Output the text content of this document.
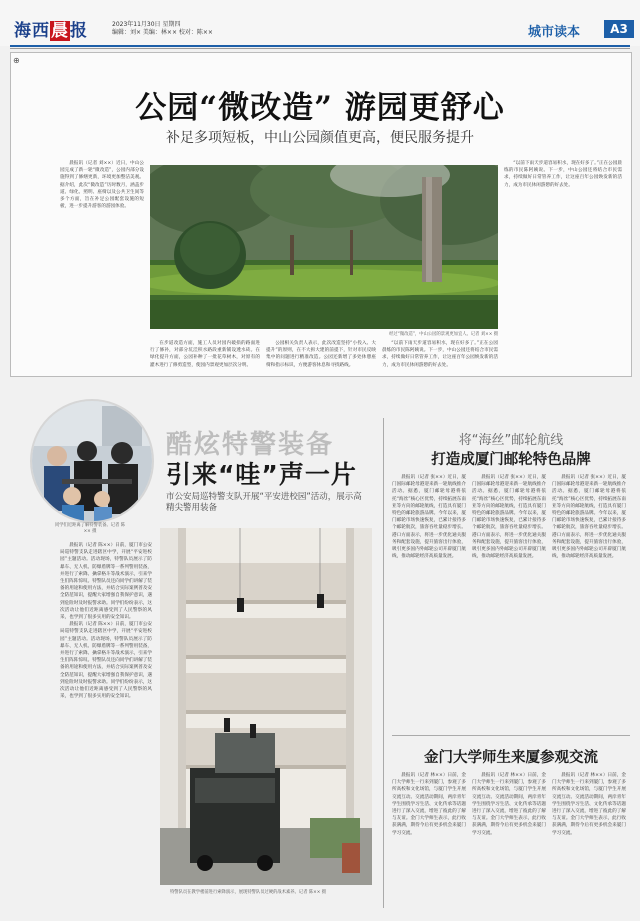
海西晨报	2023年11月30日 星期四
编辑：刘× 美编：林×× 校对：陈××	城市读本	A3
⊕
公园“微改造” 游园更舒心
补足多项短板，中山公园颜值更高，便民服务提升

晨报讯（记者 刘××）近日，中山公园完成了新一轮“微改造”，公园内部分设施得到了修缮更新，环境更加整洁美观。据介绍，此次“微改造”历时数月，涵盖步道、绿化、照明、座椅以及公共卫生间等多个方面，旨在补足公园配套设施的短板，进一步提升游客的游园体验。

经过“微改造”，中山公园的景观更加宜人。记者 刘×× 摄

在步道改造方面，施工人员对园内破损的路面进行了修补，对部分坑洼积水路段重新铺设透水砖。在绿化提升方面，公园补种了一批花草树木，对原有的灌木进行了修剪造型，使园内景观更加层次分明。

公园相关负责人表示，此次改造坚持“小投入、大提升”的原则，在不大拆大建的前提下，针对市民反映集中的问题进行精准改造。公园还新增了多处休憩座椅和指示标识，方便游客休息和寻找路线。

“以前下雨天步道容易积水，现在好多了。”正在公园晨练的市民陈阿姨说。下一步，中山公园还将结合市民需求，持续做好日常管养工作，让这座百年公园焕发新的活力，成为市民休闲游憩的好去处。

“以前下雨天步道容易积水，现在好多了。”正在公园晨练的市民陈阿姨说。下一步，中山公园还将结合市民需求，持续做好日常管养工作，让这座百年公园焕发新的活力，成为市民休闲游憩的好去处。

同学们近距离了解特警装备。记者 陈×× 摄
酷炫特警装备
引来“哇”声一片
市公安局巡特警支队开展“平安进校园”活动，展示高精尖警用装备

晨报讯（记者 陈××）日前，厦门市公安局巡特警支队走进辖区中学，开展“平安进校园”主题活动。活动现场，特警队员展示了防暴车、无人机、防爆盾牌等一系列警用装备，并进行了索降、擒拿格斗等战术演示，引来学生们阵阵惊叹。特警队员还向同学们讲解了装备的用途和使用方法，并结合实际案例普及安全防范知识，提醒大家增强自我保护意识，遇到危险时及时报警求助。同学们纷纷表示，这次活动让他们近距离感受到了人民警察的风采，也学到了很多实用的安全知识。

晨报讯（记者 陈××）日前，厦门市公安局巡特警支队走进辖区中学，开展“平安进校园”主题活动。活动现场，特警队员展示了防暴车、无人机、防爆盾牌等一系列警用装备，并进行了索降、擒拿格斗等战术演示，引来学生们阵阵惊叹。特警队员还向同学们讲解了装备的用途和使用方法，并结合实际案例普及安全防范知识，提醒大家增强自我保护意识，遇到危险时及时报警求助。同学们纷纷表示，这次活动让他们近距离感受到了人民警察的风采，也学到了很多实用的安全知识。

特警队员在教学楼前进行索降演示，展现特警队员过硬的战术素养。记者 陈×× 摄
将“海丝”邮轮航线
打造成厦门邮轮特色品牌

晨报讯（记者 张××）近日，厦门国际邮轮母港迎来新一轮航线推介活动。据悉，厦门邮轮母港将依托“海丝”核心区优势，持续拓展东南亚等方向的邮轮航线，打造具有厦门特色的邮轮旅游品牌。今年以来，厦门邮轮市场快速恢复，已累计接待多个邮轮航次，旅客吞吐量稳步增长。港口方面表示，将进一步优化通关服务和配套设施，提升旅客出行体验，吸引更多国内外邮轮公司开辟厦门航线，推动邮轮经济高质量发展。

晨报讯（记者 张××）近日，厦门国际邮轮母港迎来新一轮航线推介活动。据悉，厦门邮轮母港将依托“海丝”核心区优势，持续拓展东南亚等方向的邮轮航线，打造具有厦门特色的邮轮旅游品牌。今年以来，厦门邮轮市场快速恢复，已累计接待多个邮轮航次，旅客吞吐量稳步增长。港口方面表示，将进一步优化通关服务和配套设施，提升旅客出行体验，吸引更多国内外邮轮公司开辟厦门航线，推动邮轮经济高质量发展。

晨报讯（记者 张××）近日，厦门国际邮轮母港迎来新一轮航线推介活动。据悉，厦门邮轮母港将依托“海丝”核心区优势，持续拓展东南亚等方向的邮轮航线，打造具有厦门特色的邮轮旅游品牌。今年以来，厦门邮轮市场快速恢复，已累计接待多个邮轮航次，旅客吞吐量稳步增长。港口方面表示，将进一步优化通关服务和配套设施，提升旅客出行体验，吸引更多国内外邮轮公司开辟厦门航线，推动邮轮经济高质量发展。

金门大学师生来厦参观交流

晨报讯（记者 林××）日前，金门大学师生一行来到厦门，参观了多所高校和文化场馆，与厦门学生开展交流互动。交流活动期间，两岸青年学生围绕学习生活、文化传承等话题进行了深入交流，增进了彼此的了解与友谊。金门大学师生表示，此行收获满满，期待今后有更多机会来厦门学习交流。

晨报讯（记者 林××）日前，金门大学师生一行来到厦门，参观了多所高校和文化场馆，与厦门学生开展交流互动。交流活动期间，两岸青年学生围绕学习生活、文化传承等话题进行了深入交流，增进了彼此的了解与友谊。金门大学师生表示，此行收获满满，期待今后有更多机会来厦门学习交流。

晨报讯（记者 林××）日前，金门大学师生一行来到厦门，参观了多所高校和文化场馆，与厦门学生开展交流互动。交流活动期间，两岸青年学生围绕学习生活、文化传承等话题进行了深入交流，增进了彼此的了解与友谊。金门大学师生表示，此行收获满满，期待今后有更多机会来厦门学习交流。
